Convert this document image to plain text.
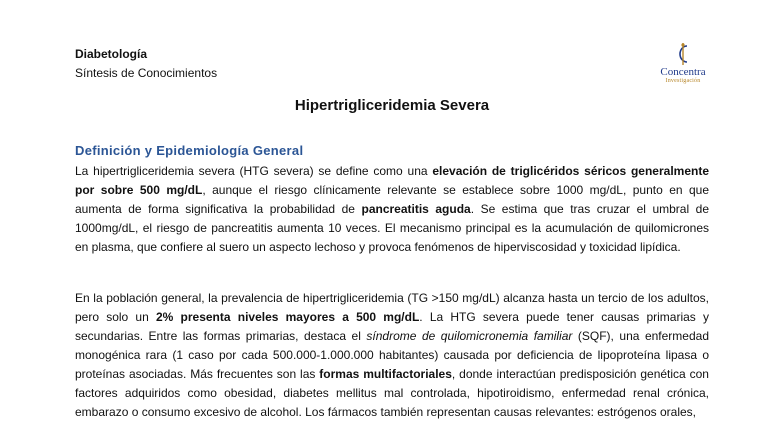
Diabetología
Síntesis de Conocimientos	Concentra
Investigación
Hipertrigliceridemia Severa
Definición y Epidemiología General

La hipertrigliceridemia severa (HTG severa) se define como una elevación de triglicéridos séricos generalmente por sobre 500 mg/dL, aunque el riesgo clínicamente relevante se establece sobre 1000 mg/dL, punto en que aumenta de forma significativa la probabilidad de pancreatitis aguda. Se estima que tras cruzar el umbral de 1000mg/dL, el riesgo de pancreatitis aumenta 10 veces. El mecanismo principal es la acumulación de quilomicrones en plasma, que confiere al suero un aspecto lechoso y provoca fenómenos de hiperviscosidad y toxicidad lipídica.

En la población general, la prevalencia de hipertrigliceridemia (TG >150 mg/dL) alcanza hasta un tercio de los adultos, pero solo un 2% presenta niveles mayores a 500 mg/dL. La HTG severa puede tener causas primarias y secundarias. Entre las formas primarias, destaca el síndrome de quilomicronemia familiar (SQF), una enfermedad monogénica rara (1 caso por cada 500.000-1.000.000 habitantes) causada por deficiencia de lipoproteína lipasa o proteínas asociadas. Más frecuentes son las formas multifactoriales, donde interactúan predisposición genética con factores adquiridos como obesidad, diabetes mellitus mal controlada, hipotiroidismo, enfermedad renal crónica, embarazo o consumo excesivo de alcohol. Los fármacos también representan causas relevantes: estrógenos orales,
